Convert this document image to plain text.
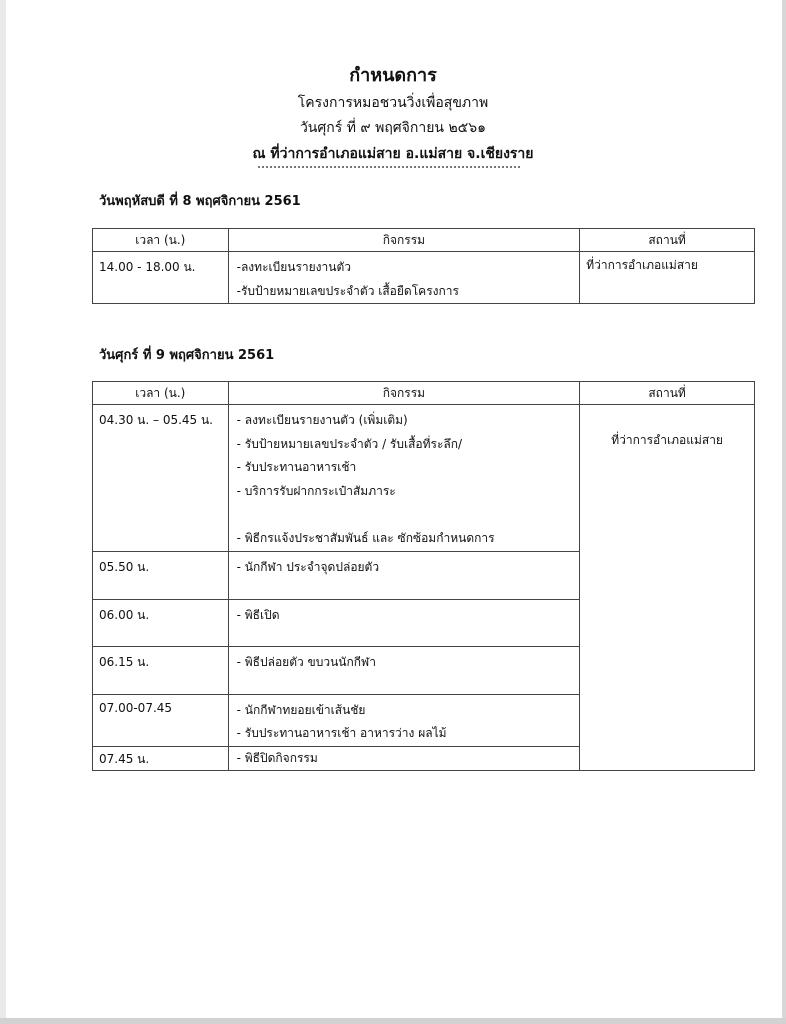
กำหนดการ
โครงการหมอชวนวิ่งเพื่อสุขภาพ
วันศุกร์ ที่ ๙ พฤศจิกายน ๒๕๖๑
ณ ที่ว่าการอำเภอแม่สาย อ.แม่สาย จ.เชียงราย
วันพฤหัสบดี ที่ 8 พฤศจิกายน 2561
เวลา (น.)	กิจกรรม	สถานที่
14.00 - 18.00 น.	-ลงทะเบียนรายงานตัว
-รับป้ายหมายเลขประจำตัว เสื้อยืดโครงการ	ที่ว่าการอำเภอแม่สาย
วันศุกร์ ที่ 9 พฤศจิกายน 2561
เวลา (น.)	กิจกรรม	สถานที่
04.30 น. – 05.45 น.	- ลงทะเบียนรายงานตัว (เพิ่มเติม)
- รับป้ายหมายเลขประจำตัว / รับเสื้อที่ระลึก/
- รับประทานอาหารเช้า
- บริการรับฝากกระเป๋าสัมภาระ
- พิธีกรแจ้งประชาสัมพันธ์ และ ซักซ้อมกำหนดการ	ที่ว่าการอำเภอแม่สาย
05.50 น.	- นักกีฬา ประจำจุดปล่อยตัว	

06.00 น.	- พิธีเปิด	

06.15 น.	- พิธีปล่อยตัว ขบวนนักกีฬา	

07.00-07.45	- นักกีฬาทยอยเข้าเส้นชัย
- รับประทานอาหารเช้า อาหารว่าง ผลไม้	

07.45 น.	- พิธีปิดกิจกรรม	
